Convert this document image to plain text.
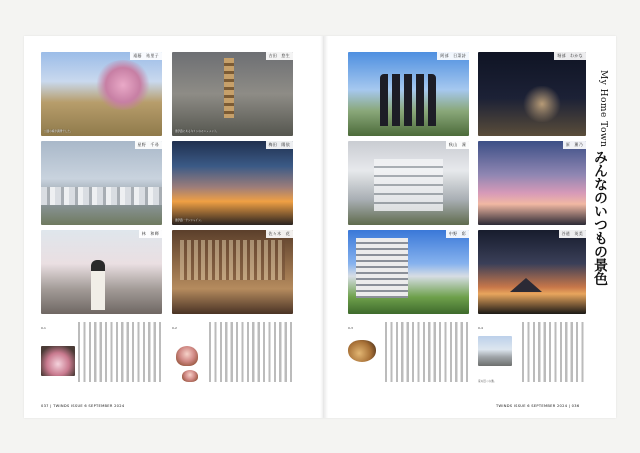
遠藤　祐里子
公園の梅が満開でした。
吉田　悠生
通学路にあるキリンのモニュメント。
星野　千尋	梅田　陽依
通学路・サンシャイン。
林　和輝	佐々木　花
阿部　日菜詩	堀部　わかな
秋山　凜	原　薫乃
中野　彩	谷道　英美
My Home Town
みんなのいつもの景色
0-1	0-2	0-3	0-4
家の近くの道。
037 | TWINDS ISSUE 6 SEPTEMBER 2024	TWINDS ISSUE 6 SEPTEMBER 2024 | 036
